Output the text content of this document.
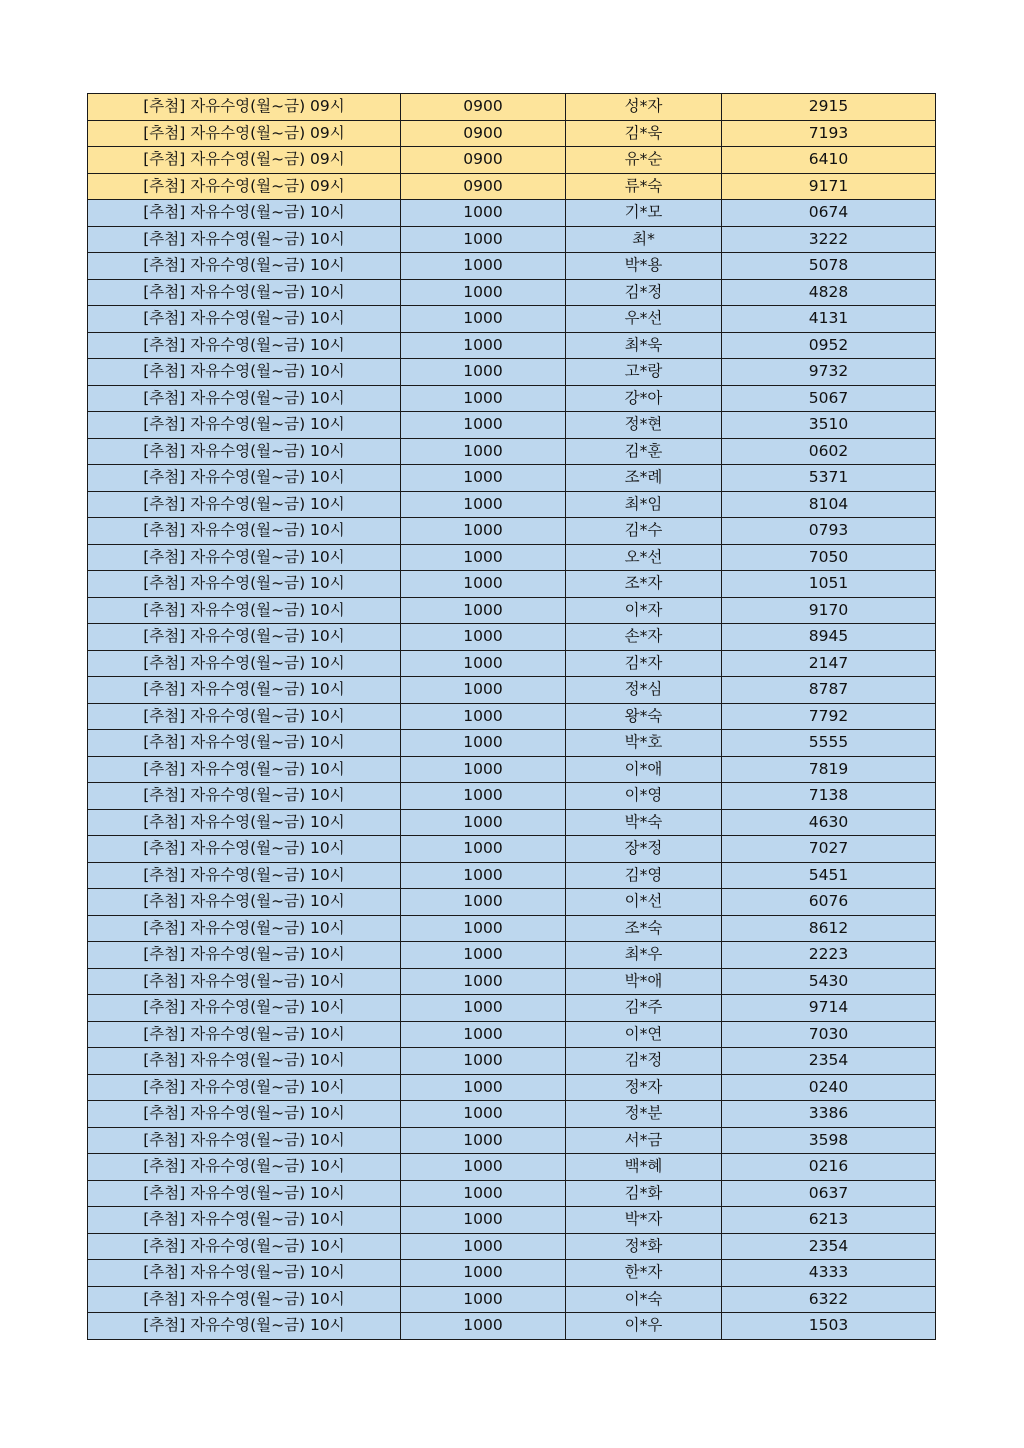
[추첨] 자유수영(월~금) 09시	0900	성*자	2915
[추첨] 자유수영(월~금) 09시	0900	김*욱	7193
[추첨] 자유수영(월~금) 09시	0900	유*순	6410
[추첨] 자유수영(월~금) 09시	0900	류*숙	9171
[추첨] 자유수영(월~금) 10시	1000	기*모	0674
[추첨] 자유수영(월~금) 10시	1000	최*	3222
[추첨] 자유수영(월~금) 10시	1000	박*용	5078
[추첨] 자유수영(월~금) 10시	1000	김*정	4828
[추첨] 자유수영(월~금) 10시	1000	우*선	4131
[추첨] 자유수영(월~금) 10시	1000	최*욱	0952
[추첨] 자유수영(월~금) 10시	1000	고*랑	9732
[추첨] 자유수영(월~금) 10시	1000	강*아	5067
[추첨] 자유수영(월~금) 10시	1000	정*현	3510
[추첨] 자유수영(월~금) 10시	1000	김*훈	0602
[추첨] 자유수영(월~금) 10시	1000	조*례	5371
[추첨] 자유수영(월~금) 10시	1000	최*임	8104
[추첨] 자유수영(월~금) 10시	1000	김*수	0793
[추첨] 자유수영(월~금) 10시	1000	오*선	7050
[추첨] 자유수영(월~금) 10시	1000	조*자	1051
[추첨] 자유수영(월~금) 10시	1000	이*자	9170
[추첨] 자유수영(월~금) 10시	1000	손*자	8945
[추첨] 자유수영(월~금) 10시	1000	김*자	2147
[추첨] 자유수영(월~금) 10시	1000	정*심	8787
[추첨] 자유수영(월~금) 10시	1000	왕*숙	7792
[추첨] 자유수영(월~금) 10시	1000	박*호	5555
[추첨] 자유수영(월~금) 10시	1000	이*애	7819
[추첨] 자유수영(월~금) 10시	1000	이*영	7138
[추첨] 자유수영(월~금) 10시	1000	박*숙	4630
[추첨] 자유수영(월~금) 10시	1000	장*정	7027
[추첨] 자유수영(월~금) 10시	1000	김*영	5451
[추첨] 자유수영(월~금) 10시	1000	이*선	6076
[추첨] 자유수영(월~금) 10시	1000	조*숙	8612
[추첨] 자유수영(월~금) 10시	1000	최*우	2223
[추첨] 자유수영(월~금) 10시	1000	박*애	5430
[추첨] 자유수영(월~금) 10시	1000	김*주	9714
[추첨] 자유수영(월~금) 10시	1000	이*연	7030
[추첨] 자유수영(월~금) 10시	1000	김*정	2354
[추첨] 자유수영(월~금) 10시	1000	정*자	0240
[추첨] 자유수영(월~금) 10시	1000	정*분	3386
[추첨] 자유수영(월~금) 10시	1000	서*금	3598
[추첨] 자유수영(월~금) 10시	1000	백*혜	0216
[추첨] 자유수영(월~금) 10시	1000	김*화	0637
[추첨] 자유수영(월~금) 10시	1000	박*자	6213
[추첨] 자유수영(월~금) 10시	1000	정*화	2354
[추첨] 자유수영(월~금) 10시	1000	한*자	4333
[추첨] 자유수영(월~금) 10시	1000	이*숙	6322
[추첨] 자유수영(월~금) 10시	1000	이*우	1503
